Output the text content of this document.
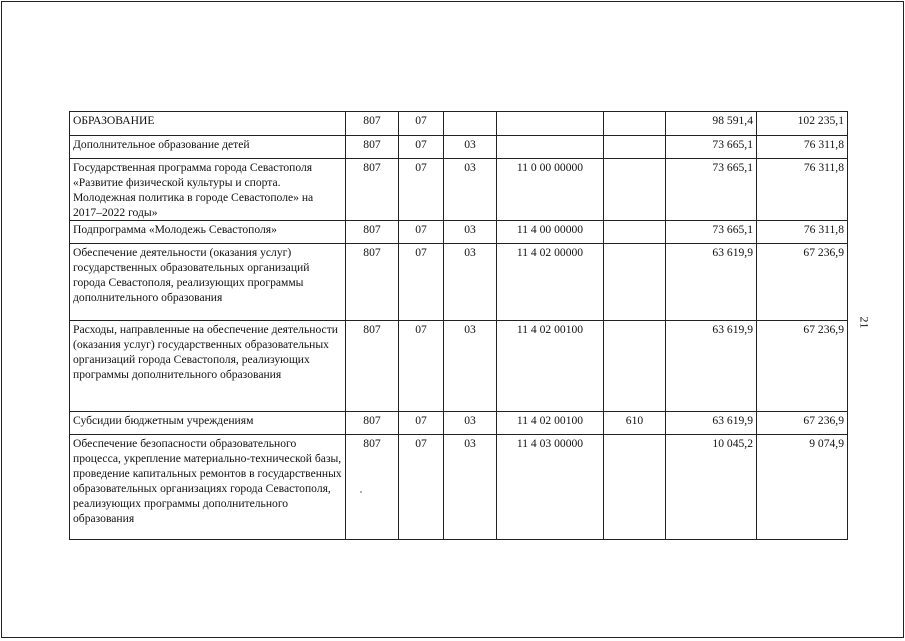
ОБРАЗОВАНИЕ	807	07				98 591,4	102 235,1
Дополнительное образование детей	807	07	03			73 665,1	76 311,8
Государственная программа города Севастополя «Развитие физической культуры и спорта. Молодежная политика в городе Севастополе» на 2017–2022 годы»	807	07	03	11 0 00 00000		73 665,1	76 311,8
Подпрограмма «Молодежь Севастополя»	807	07	03	11 4 00 00000		73 665,1	76 311,8
Обеспечение деятельности (оказания услуг) государственных образовательных организаций города Севастополя, реализующих программы дополнительного образования	807	07	03	11 4 02 00000		63 619,9	67 236,9
Расходы, направленные на обеспечение деятельности (оказания услуг) государственных образовательных организаций города Севастополя, реализующих программы дополнительного образования	807	07	03	11 4 02 00100		63 619,9	67 236,9
Субсидии бюджетным учреждениям	807	07	03	11 4 02 00100	610	63 619,9	67 236,9
Обеспечение безопасности образовательного процесса, укрепление материально-технической базы, проведение капитальных ремонтов в государственных образовательных организациях города Севастополя, реализующих программы дополнительного образования	807	07	03	11 4 03 00000		10 045,2	9 074,9
21
